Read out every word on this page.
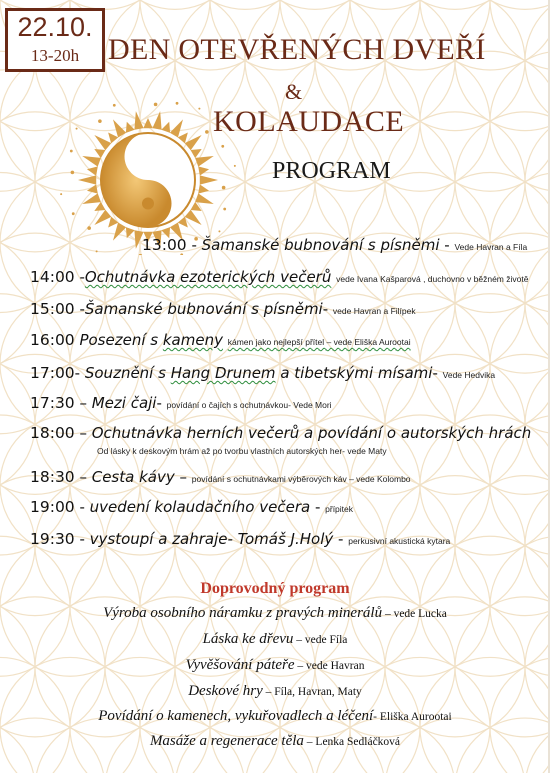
22.10.
13-20h DEN OTEVŘENÝCH DVEŘÍ
&
KOLAUDACE
PROGRAM
13:00 - Šamanské bubnování s písněmi - Vede Havran a Fíla
14:00 -Ochutnávka ezoterických večerů vede Ivana Kašparová , duchovno v běžném životě
15:00 -Šamanské bubnování s písněmi- vede Havran a Filípek
16:00 Posezení s kameny kámen jako nejlepší přítel – vede Eliška Aurootai
17:00- Souznění s Hang Drunem a tibetskými mísami- Vede Hedvika
17:30 – Mezi čaji- povídání o čajích s ochutnávkou- Vede Mori
18:00 – Ochutnávka herních večerů a povídání o autorských hrách
Od lásky k deskovým hrám až po tvorbu vlastních autorských her- vede Maty
18:30 – Cesta kávy – povídání s ochutnávkami výběrových káv – vede Kolombo
19:00 - uvedení kolaudačního večera - přípitek
19:30 - vystoupí a zahraje- Tomáš J.Holý - perkusivní akustická kytara
Doprovodný program
Výroba osobního náramku z pravých minerálů – vede Lucka
Láska ke dřevu – vede Fíla
Vyvěšování páteře – vede Havran
Deskové hry – Fíla, Havran, Maty
Povídání o kamenech, vykuřovadlech a léčení- Eliška Aurootai
Masáže a regenerace těla – Lenka Sedláčková
